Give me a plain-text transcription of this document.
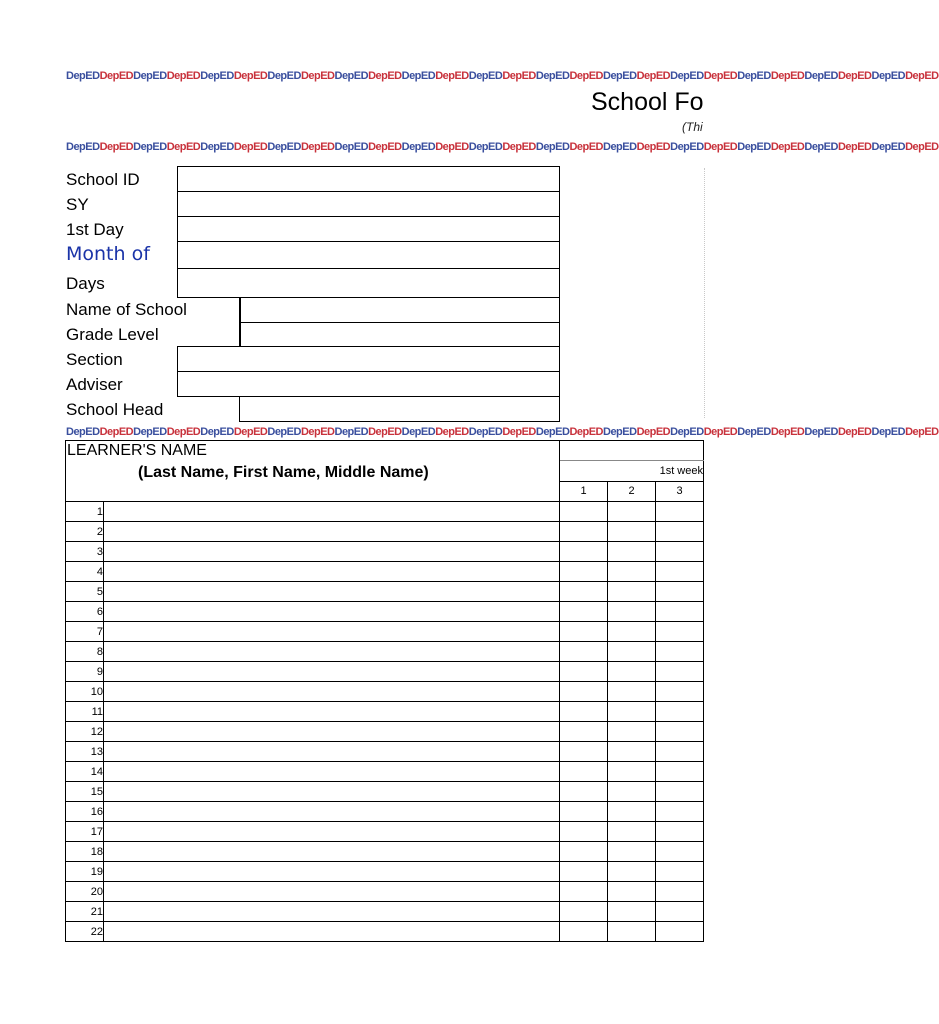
DepEDDepEDDepEDDepEDDepEDDepEDDepEDDepEDDepEDDepEDDepEDDepEDDepEDDepEDDepEDDepEDDepEDDepEDDepEDDepEDDepEDDepEDDepEDDepEDDepEDDepED
DepEDDepEDDepEDDepEDDepEDDepEDDepEDDepEDDepEDDepEDDepEDDepEDDepEDDepEDDepEDDepEDDepEDDepEDDepEDDepEDDepEDDepEDDepEDDepEDDepEDDepED
DepEDDepEDDepEDDepEDDepEDDepEDDepEDDepEDDepEDDepEDDepEDDepEDDepEDDepEDDepEDDepEDDepEDDepEDDepEDDepEDDepEDDepEDDepEDDepEDDepEDDepED
School Fo
(Thi
School ID
SY
1st Day
Month of
Days
Name of School
Grade Level
Section
Adviser
School Head
LEARNER'S NAME
(Last Name, First Name, Middle Name)				

		1st week		
		1	2	3
1				
2				
3				
4				
5				
6				
7				
8				
9				
10				
11				
12				
13				
14				
15				
16				
17				
18				
19				
20				
21				
22				
